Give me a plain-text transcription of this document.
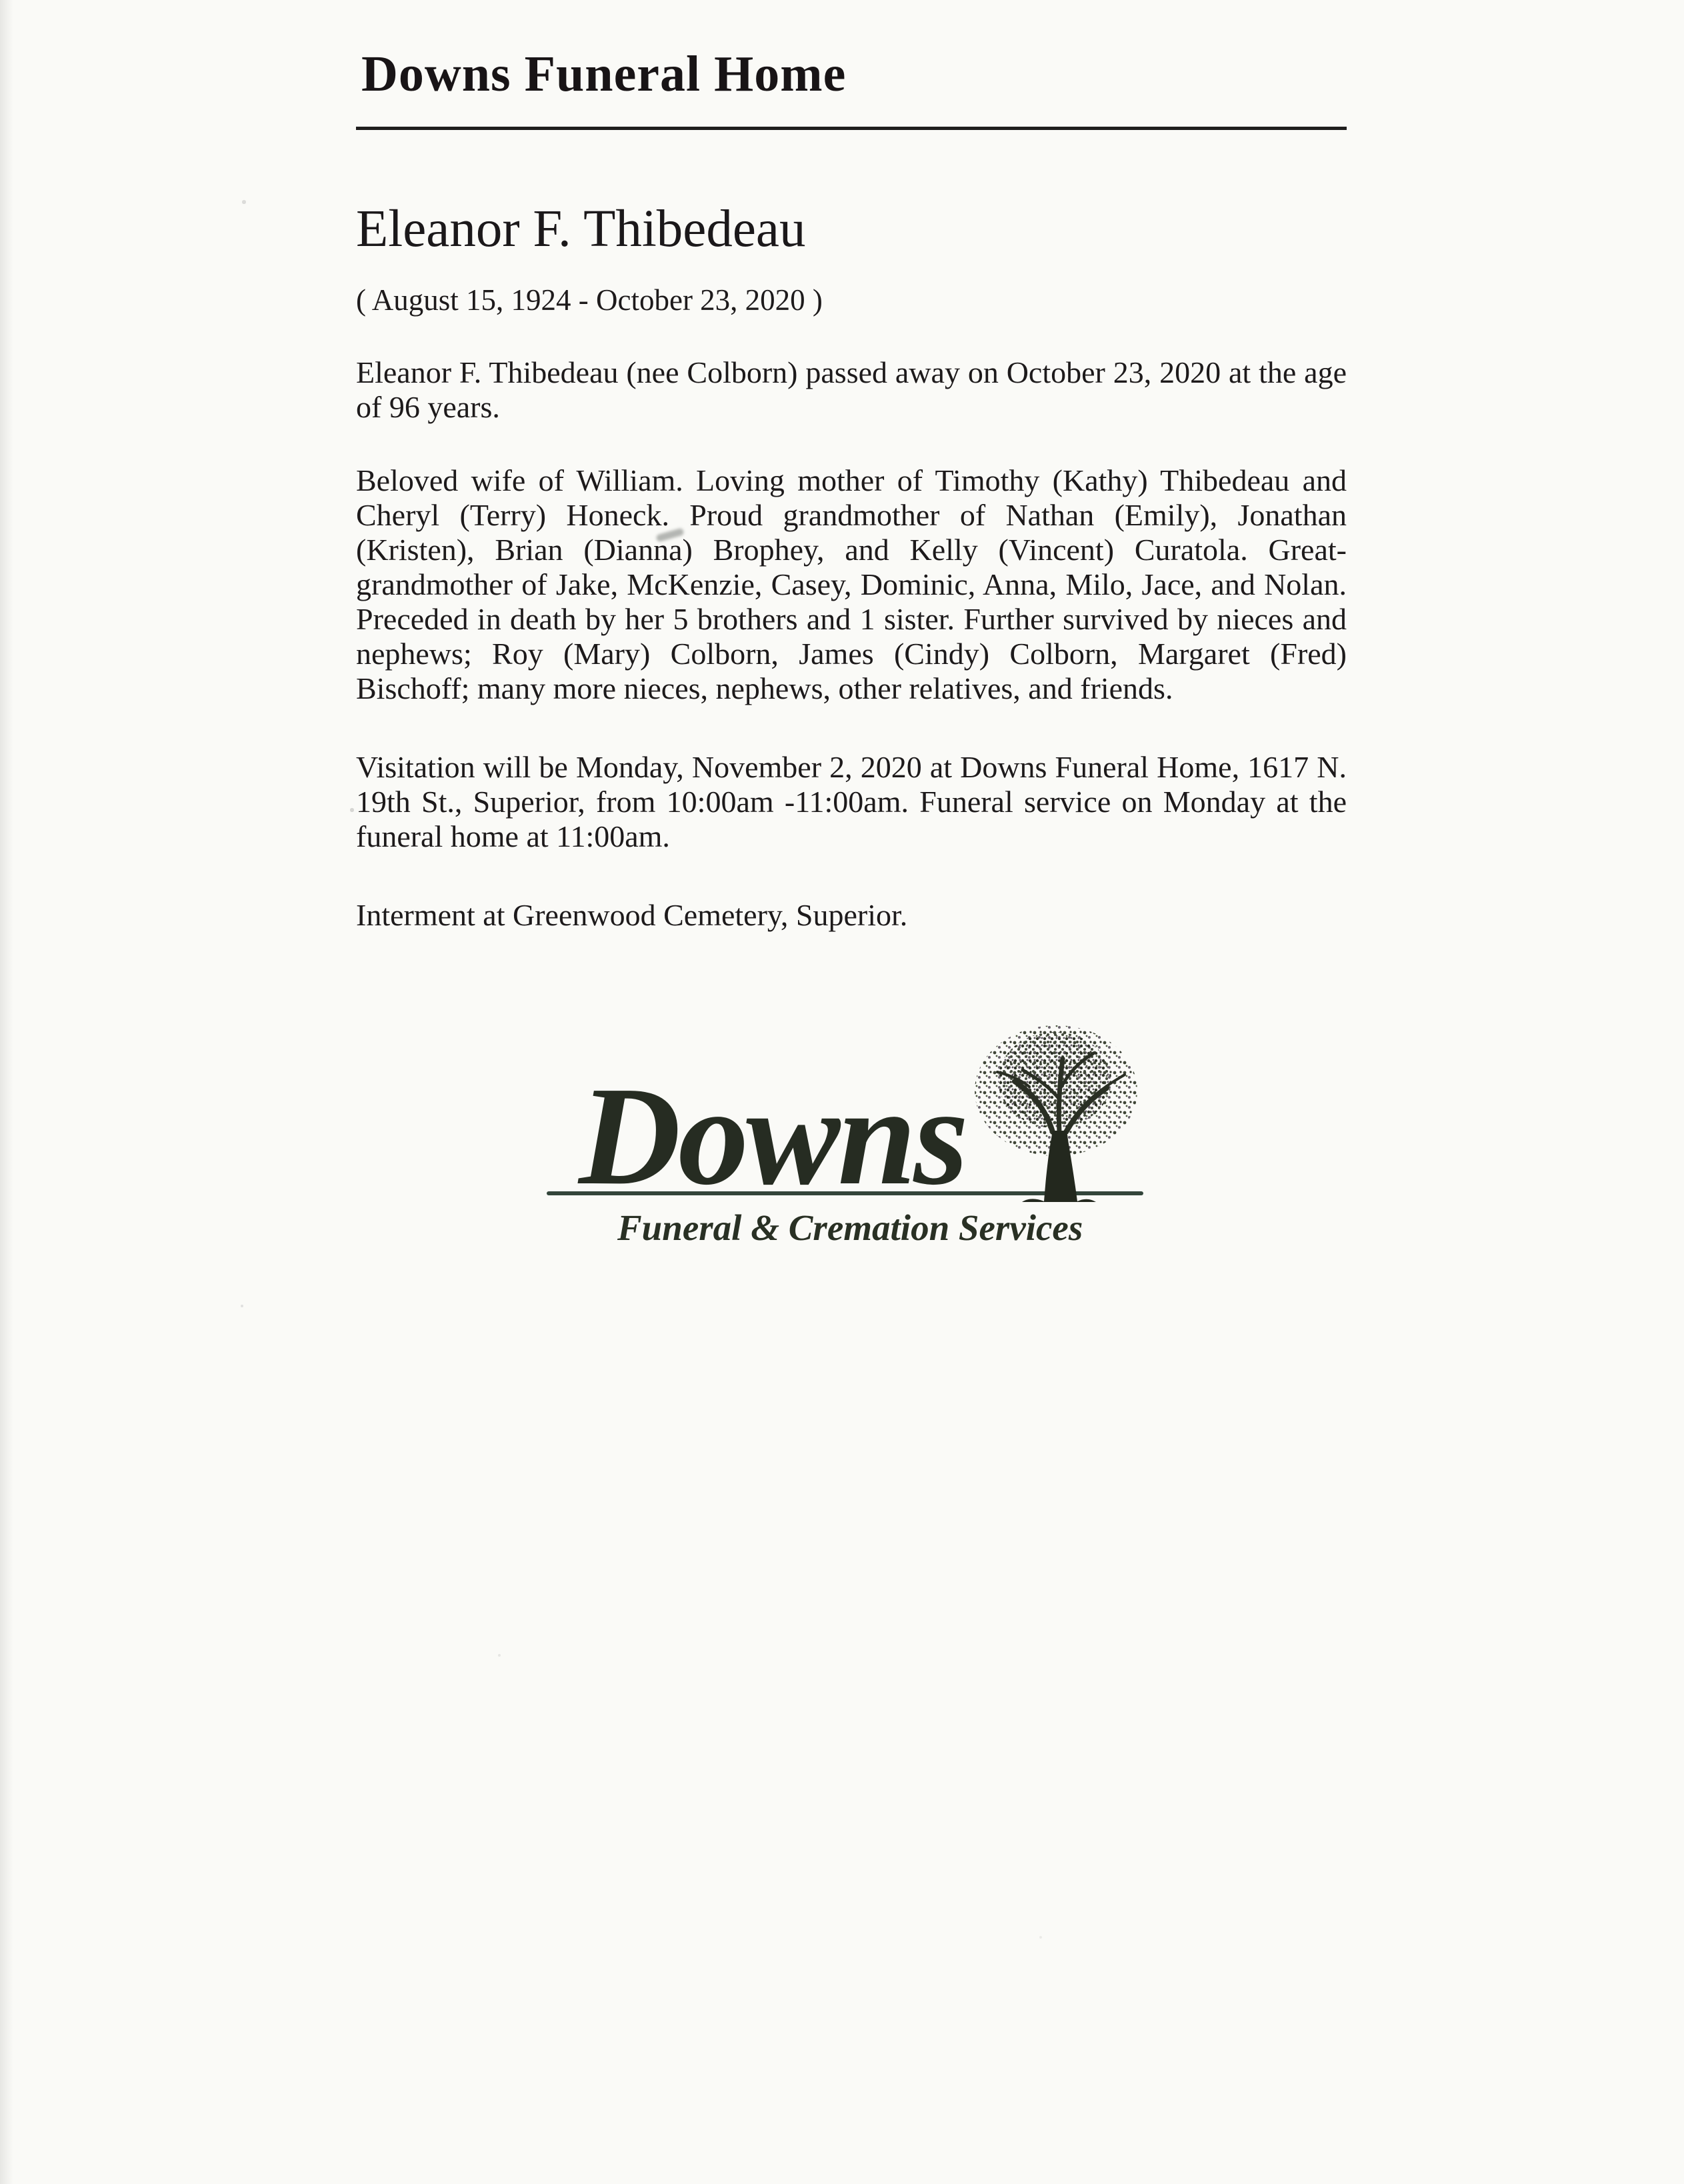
Downs Funeral Home
Eleanor F. Thibedeau

( August 15, 1924 - October 23, 2020 )

Eleanor F. Thibedeau (nee Colborn) passed away on October 23, 2020 at the age of 96 years.

Beloved wife of William. Loving mother of Timothy (Kathy) Thibedeau and Cheryl (Terry) Honeck. Proud grandmother of Nathan (Emily), Jonathan (Kristen), Brian (Dianna) Brophey, and Kelly (Vincent) Curatola. Great-grandmother of Jake, McKenzie, Casey, Dominic, Anna, Milo, Jace, and Nolan. Preceded in death by her 5 brothers and 1 sister. Further survived by nieces and nephews; Roy (Mary) Colborn, James (Cindy) Colborn, Margaret (Fred) Bischoff; many more nieces, nephews, other relatives, and friends.

Visitation will be Monday, November 2, 2020 at Downs Funeral Home, 1617 N. 19th St., Superior, from 10:00am -11:00am. Funeral service on Monday at the funeral home at 11:00am.

Interment at Greenwood Cemetery, Superior.

Downs
Funeral & Cremation Services
